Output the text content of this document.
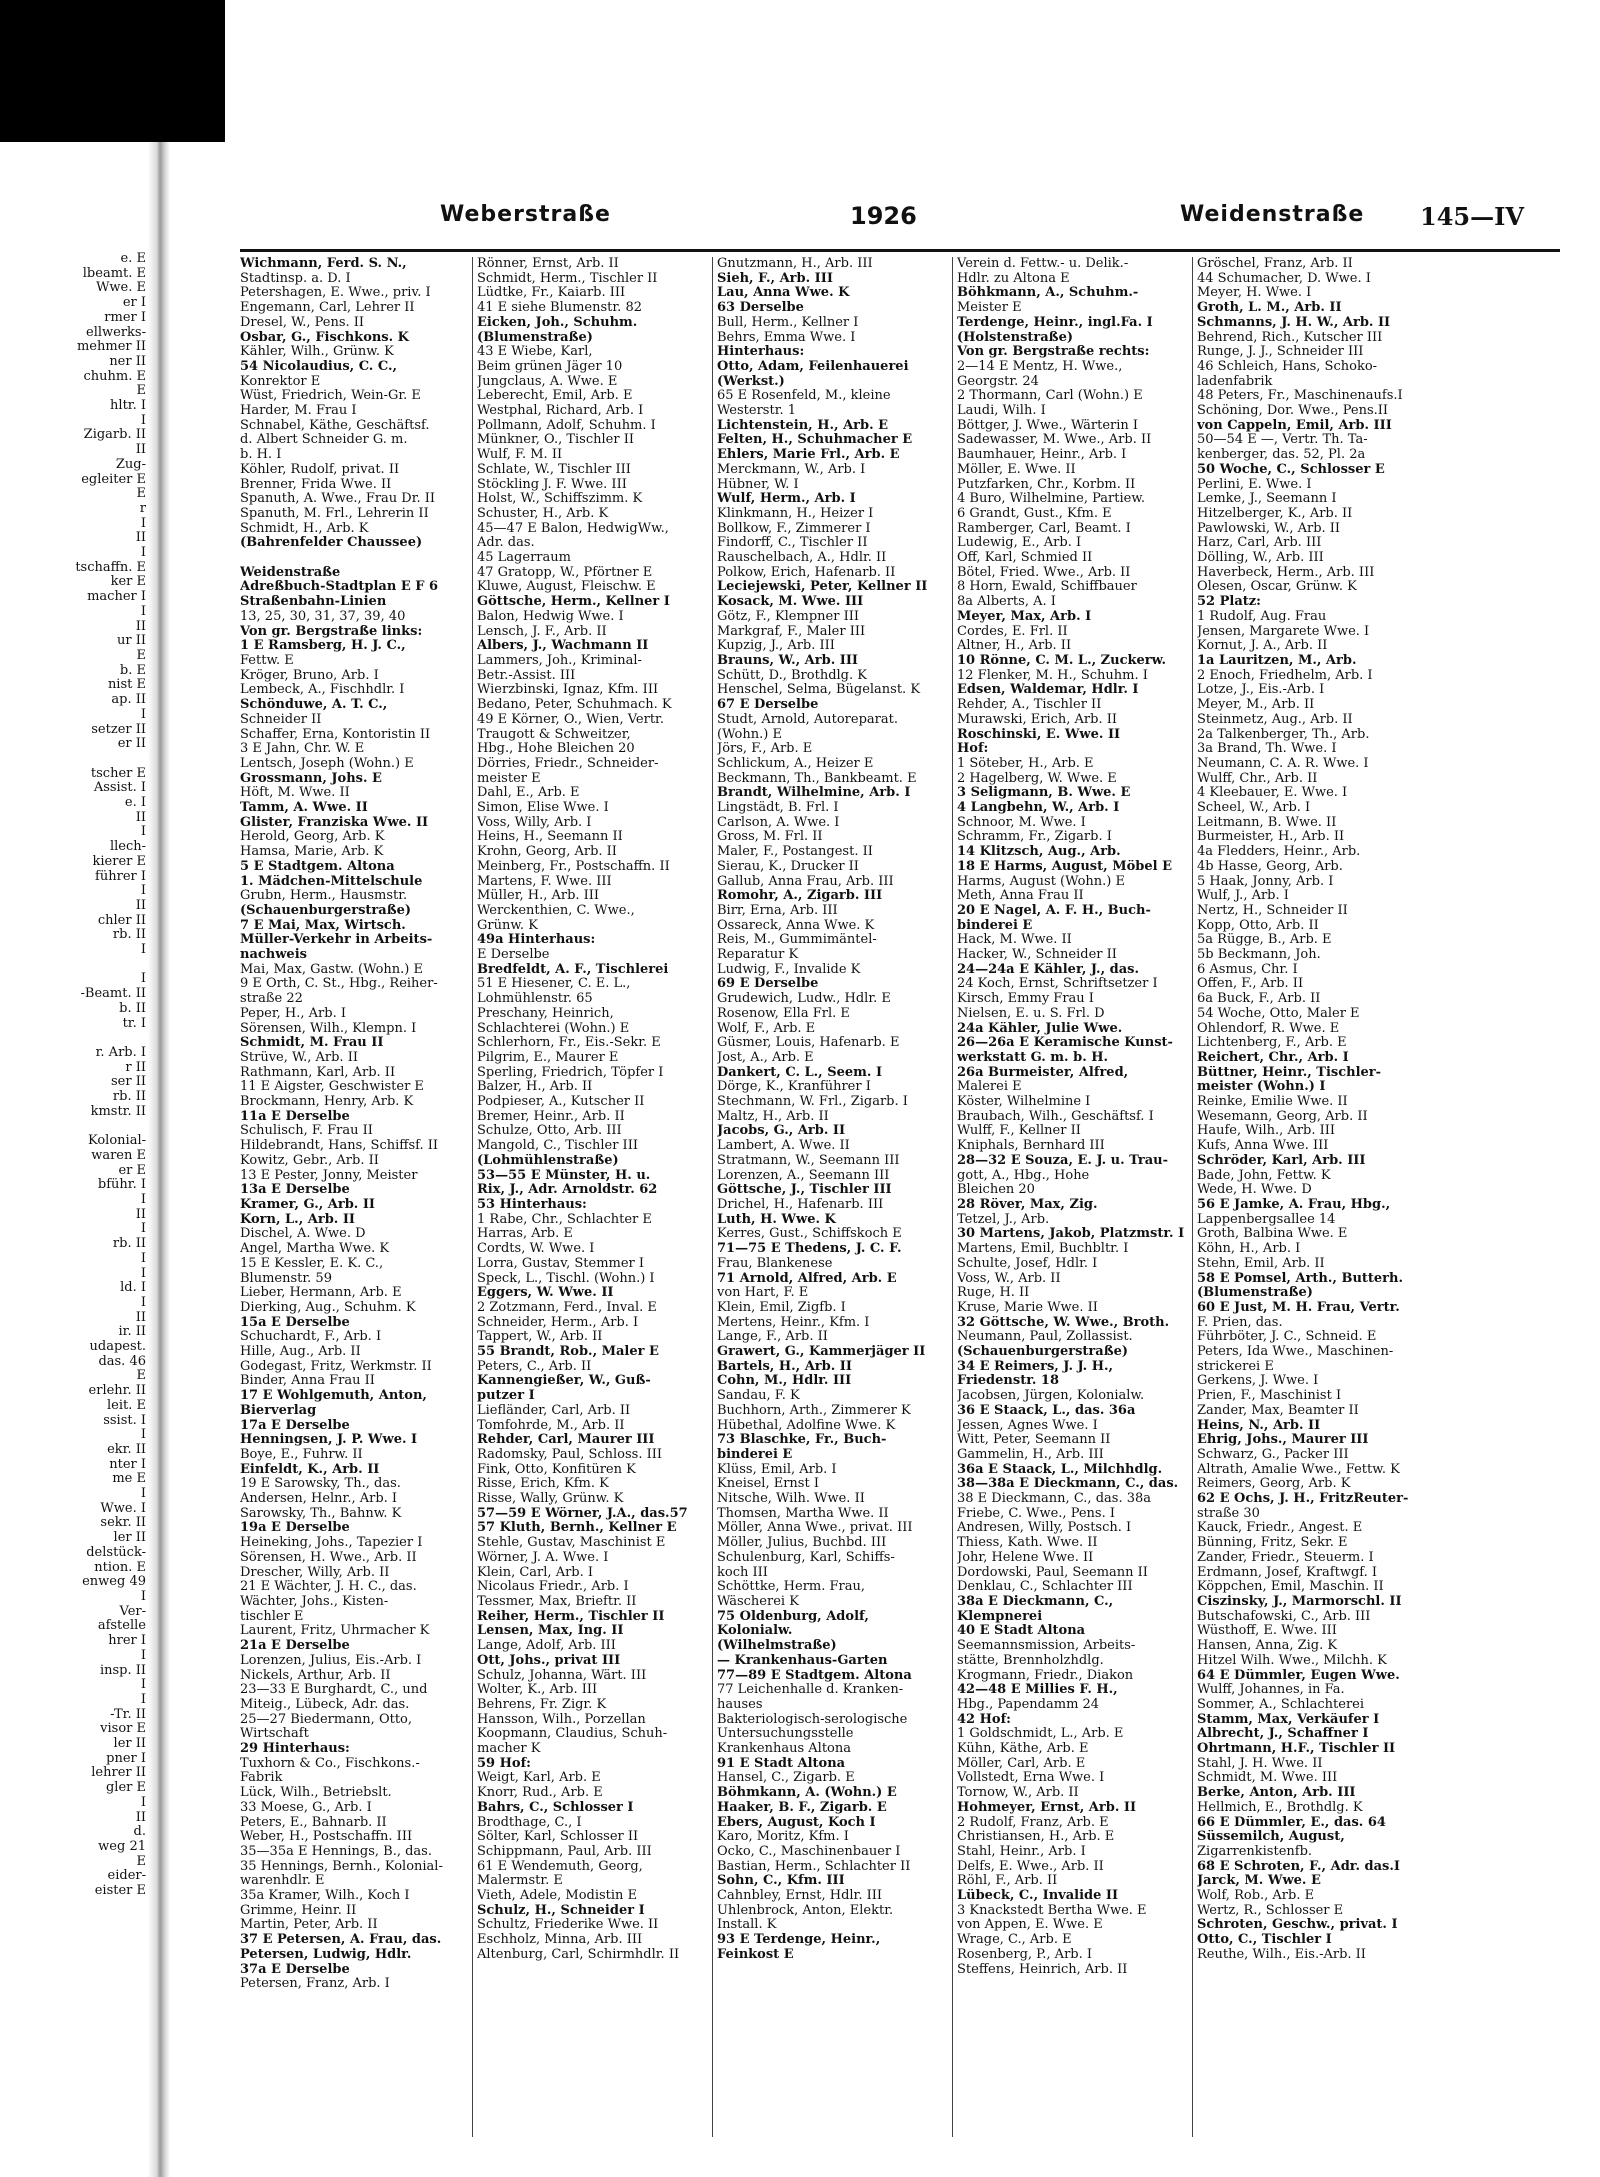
e. E
lbeamt. E
Wwe. E
er I
rmer I
ellwerks-
mehmer II
ner II
chuhm. E
E
hltr. I
I
Zigarb. II
II
Zug-
egleiter E
E
r
I
II
I
tschaffn. E
ker E
macher I
I
II
ur II
E
b. E
nist E
ap. II
I
setzer II
er II

tscher E
Assist. I
e. I
II
I
llech-
kierer E
führer I
I
II
chler II
rb. II
I

I
-Beamt. II
b. II
tr. I

r. Arb. I
r II
ser II
rb. II
kmstr. II

Kolonial-
waren E
er E
bführ. I
I
II
I
rb. II
I
I
ld. I
I
II
ir. II
udapest.
das. 46
E
erlehr. II
leit. E
ssist. I
I
ekr. II
nter I
me E
I
Wwe. I
sekr. II
ler II
delstück-
ntion. E
enweg 49
I
Ver-
afstelle
hrer I
I
insp. II
I
I
-Tr. II
visor E
ler II
pner I
lehrer II
gler E
I
II
d.
weg 21
E
eider-
eister E
Weberstraße	1926	Weidenstraße 145—IV
Wichmann, Ferd. S. N.,
Stadtinsp. a. D. I
Petershagen, E. Wwe., priv. I
Engemann, Carl, Lehrer II
Dresel, W., Pens. II
Osbar, G., Fischkons. K
Kähler, Wilh., Grünw. K
54 Nicolaudius, C. C.,
Konrektor E
Wüst, Friedrich, Wein-Gr. E
Harder, M. Frau I
Schnabel, Käthe, Geschäftsf.
d. Albert Schneider G. m.
b. H. I
Köhler, Rudolf, privat. II
Brenner, Frida Wwe. II
Spanuth, A. Wwe., Frau Dr. II
Spanuth, M. Frl., Lehrerin II
Schmidt, H., Arb. K
(Bahrenfelder Chaussee)

Weidenstraße
Adreßbuch-Stadtplan E F 6
Straßenbahn-Linien
13, 25, 30, 31, 37, 39, 40
Von gr. Bergstraße links:
1 E Ramsberg, H. J. C.,
Fettw. E
Kröger, Bruno, Arb. I
Lembeck, A., Fischhdlr. I
Schönduwe, A. T. C.,
Schneider II
Schaffer, Erna, Kontoristin II
3 E Jahn, Chr. W. E
Lentsch, Joseph (Wohn.) E
Grossmann, Johs. E
Höft, M. Wwe. II
Tamm, A. Wwe. II
Glister, Franziska Wwe. II
Herold, Georg, Arb. K
Hamsa, Marie, Arb. K
5 E Stadtgem. Altona
1. Mädchen-Mittelschule
Grubn, Herm., Hausmstr.
(Schauenburgerstraße)
7 E Mai, Max, Wirtsch.
Müller-Verkehr in Arbeits-
nachweis
Mai, Max, Gastw. (Wohn.) E
9 E Orth, C. St., Hbg., Reiher-
straße 22
Peper, H., Arb. I
Sörensen, Wilh., Klempn. I
Schmidt, M. Frau II
Strüve, W., Arb. II
Rathmann, Karl, Arb. II
11 E Aigster, Geschwister E
Brockmann, Henry, Arb. K
11a E Derselbe
Schulisch, F. Frau II
Hildebrandt, Hans, Schiffsf. II
Kowitz, Gebr., Arb. II
13 E Pester, Jonny, Meister
13a E Derselbe
Kramer, G., Arb. II
Korn, L., Arb. II
Dischel, A. Wwe. D
Angel, Martha Wwe. K
15 E Kessler, E. K. C.,
Blumenstr. 59
Lieber, Hermann, Arb. E
Dierking, Aug., Schuhm. K
15a E Derselbe
Schuchardt, F., Arb. I
Hille, Aug., Arb. II
Godegast, Fritz, Werkmstr. II
Binder, Anna Frau II
17 E Wohlgemuth, Anton,
Bierverlag
17a E Derselbe
Henningsen, J. P. Wwe. I
Boye, E., Fuhrw. II
Einfeldt, K., Arb. II
19 E Sarowsky, Th., das.
Andersen, Helnr., Arb. I
Sarowsky, Th., Bahnw. K
19a E Derselbe
Heineking, Johs., Tapezier I
Sörensen, H. Wwe., Arb. II
Drescher, Willy, Arb. II
21 E Wächter, J. H. C., das.
Wächter, Johs., Kisten-
tischler E
Laurent, Fritz, Uhrmacher K
21a E Derselbe
Lorenzen, Julius, Eis.-Arb. I
Nickels, Arthur, Arb. II
23—33 E Burghardt, C., und
Miteig., Lübeck, Adr. das.
25—27 Biedermann, Otto,
Wirtschaft
29 Hinterhaus:
Tuxhorn & Co., Fischkons.-
Fabrik
Lück, Wilh., Betriebslt.
33 Moese, G., Arb. I
Peters, E., Bahnarb. II
Weber, H., Postschaffn. III
35—35a E Hennings, B., das.
35 Hennings, Bernh., Kolonial-
warenhdlr. E
35a Kramer, Wilh., Koch I
Grimme, Heinr. II
Martin, Peter, Arb. II
37 E Petersen, A. Frau, das.
Petersen, Ludwig, Hdlr.
37a E Derselbe
Petersen, Franz, Arb. I
Rönner, Ernst, Arb. II
Schmidt, Herm., Tischler II
Lüdtke, Fr., Kaiarb. III
41 E siehe Blumenstr. 82
Eicken, Joh., Schuhm.
(Blumenstraße)
43 E Wiebe, Karl,
Beim grünen Jäger 10
Jungclaus, A. Wwe. E
Leberecht, Emil, Arb. E
Westphal, Richard, Arb. I
Pollmann, Adolf, Schuhm. I
Münkner, O., Tischler II
Wulf, F. M. II
Schlate, W., Tischler III
Stöckling J. F. Wwe. III
Holst, W., Schiffszimm. K
Schuster, H., Arb. K
45—47 E Balon, HedwigWw.,
Adr. das.
45 Lagerraum
47 Gratopp, W., Pförtner E
Kluwe, August, Fleischw. E
Göttsche, Herm., Kellner I
Balon, Hedwig Wwe. I
Lensch, J. F., Arb. II
Albers, J., Wachmann II
Lammers, Joh., Kriminal-
Betr.-Assist. III
Wierzbinski, Ignaz, Kfm. III
Bedano, Peter, Schuhmach. K
49 E Körner, O., Wien, Vertr.
Traugott & Schweitzer,
Hbg., Hohe Bleichen 20
Dörries, Friedr., Schneider-
meister E
Dahl, E., Arb. E
Simon, Elise Wwe. I
Voss, Willy, Arb. I
Heins, H., Seemann II
Krohn, Georg, Arb. II
Meinberg, Fr., Postschaffn. II
Martens, F. Wwe. III
Müller, H., Arb. III
Werckenthien, C. Wwe.,
Grünw. K
49a Hinterhaus:
E Derselbe
Bredfeldt, A. F., Tischlerei
51 E Hiesener, C. E. L.,
Lohmühlenstr. 65
Preschany, Heinrich,
Schlachterei (Wohn.) E
Schlerhorn, Fr., Eis.-Sekr. E
Pilgrim, E., Maurer E
Sperling, Friedrich, Töpfer I
Balzer, H., Arb. II
Podpieser, A., Kutscher II
Bremer, Heinr., Arb. II
Schulze, Otto, Arb. III
Mangold, C., Tischler III
(Lohmühlenstraße)
53—55 E Münster, H. u.
Rix, J., Adr. Arnoldstr. 62
53 Hinterhaus:
1 Rabe, Chr., Schlachter E
Harras, Arb. E
Cordts, W. Wwe. I
Lorra, Gustav, Stemmer I
Speck, L., Tischl. (Wohn.) I
Eggers, W. Wwe. II
2 Zotzmann, Ferd., Inval. E
Schneider, Herm., Arb. I
Tappert, W., Arb. II
55 Brandt, Rob., Maler E
Peters, C., Arb. II
Kannengießer, W., Guß-
putzer I
Liefländer, Carl, Arb. II
Tomfohrde, M., Arb. II
Rehder, Carl, Maurer III
Radomsky, Paul, Schloss. III
Fink, Otto, Konfitüren K
Risse, Erich, Kfm. K
Risse, Wally, Grünw. K
57—59 E Wörner, J.A., das.57
57 Kluth, Bernh., Kellner E
Stehle, Gustav, Maschinist E
Wörner, J. A. Wwe. I
Klein, Carl, Arb. I
Nicolaus Friedr., Arb. I
Tessmer, Max, Brieftr. II
Reiher, Herm., Tischler II
Lensen, Max, Ing. II
Lange, Adolf, Arb. III
Ott, Johs., privat III
Schulz, Johanna, Wärt. III
Wolter, K., Arb. III
Behrens, Fr. Zigr. K
Hansson, Wilh., Porzellan
Koopmann, Claudius, Schuh-
macher K
59 Hof:
Weigt, Karl, Arb. E
Knorr, Rud., Arb. E
Bahrs, C., Schlosser I
Brodthage, C., I
Sölter, Karl, Schlosser II
Schippmann, Paul, Arb. III
61 E Wendemuth, Georg,
Malermstr. E
Vieth, Adele, Modistin E
Schulz, H., Schneider I
Schultz, Friederike Wwe. II
Eschholz, Minna, Arb. III
Altenburg, Carl, Schirmhdlr. II
Gnutzmann, H., Arb. III
Sieh, F., Arb. III
Lau, Anna Wwe. K
63 Derselbe
Bull, Herm., Kellner I
Behrs, Emma Wwe. I
Hinterhaus:
Otto, Adam, Feilenhauerei
(Werkst.)
65 E Rosenfeld, M., kleine
Westerstr. 1
Lichtenstein, H., Arb. E
Felten, H., Schuhmacher E
Ehlers, Marie Frl., Arb. E
Merckmann, W., Arb. I
Hübner, W. I
Wulf, Herm., Arb. I
Klinkmann, H., Heizer I
Bollkow, F., Zimmerer I
Findorff, C., Tischler II
Rauschelbach, A., Hdlr. II
Polkow, Erich, Hafenarb. II
Leciejewski, Peter, Kellner II
Kosack, M. Wwe. III
Götz, F., Klempner III
Markgraf, F., Maler III
Kupzig, J., Arb. III
Brauns, W., Arb. III
Schütt, D., Brothdlg. K
Henschel, Selma, Bügelanst. K
67 E Derselbe
Studt, Arnold, Autoreparat.
(Wohn.) E
Jörs, F., Arb. E
Schlickum, A., Heizer E
Beckmann, Th., Bankbeamt. E
Brandt, Wilhelmine, Arb. I
Lingstädt, B. Frl. I
Carlson, A. Wwe. I
Gross, M. Frl. II
Maler, F., Postangest. II
Sierau, K., Drucker II
Gallub, Anna Frau, Arb. III
Romohr, A., Zigarb. III
Birr, Erna, Arb. III
Ossareck, Anna Wwe. K
Reis, M., Gummimäntel-
Reparatur K
Ludwig, F., Invalide K
69 E Derselbe
Grudewich, Ludw., Hdlr. E
Rosenow, Ella Frl. E
Wolf, F., Arb. E
Güsmer, Louis, Hafenarb. E
Jost, A., Arb. E
Dankert, C. L., Seem. I
Dörge, K., Kranführer I
Stechmann, W. Frl., Zigarb. I
Maltz, H., Arb. II
Jacobs, G., Arb. II
Lambert, A. Wwe. II
Stratmann, W., Seemann III
Lorenzen, A., Seemann III
Göttsche, J., Tischler III
Drichel, H., Hafenarb. III
Luth, H. Wwe. K
Kerres, Gust., Schiffskoch E
71—75 E Thedens, J. C. F.
Frau, Blankenese
71 Arnold, Alfred, Arb. E
von Hart, F. E
Klein, Emil, Zigfb. I
Mertens, Heinr., Kfm. I
Lange, F., Arb. II
Grawert, G., Kammerjäger II
Bartels, H., Arb. II
Cohn, M., Hdlr. III
Sandau, F. K
Buchhorn, Arth., Zimmerer K
Hübethal, Adolfine Wwe. K
73 Blaschke, Fr., Buch-
binderei E
Klüss, Emil, Arb. I
Kneisel, Ernst I
Nitsche, Wilh. Wwe. II
Thomsen, Martha Wwe. II
Möller, Anna Wwe., privat. III
Möller, Julius, Buchbd. III
Schulenburg, Karl, Schiffs-
koch III
Schöttke, Herm. Frau,
Wäscherei K
75 Oldenburg, Adolf,
Kolonialw.
(Wilhelmstraße)
— Krankenhaus-Garten
77—89 E Stadtgem. Altona
77 Leichenhalle d. Kranken-
hauses
Bakteriologisch-serologische
Untersuchungsstelle
Krankenhaus Altona
91 E Stadt Altona
Hansel, C., Zigarb. E
Böhmkann, A. (Wohn.) E
Haaker, B. F., Zigarb. E
Ebers, August, Koch I
Karo, Moritz, Kfm. I
Ocko, C., Maschinenbauer I
Bastian, Herm., Schlachter II
Sohn, C., Kfm. III
Cahnbley, Ernst, Hdlr. III
Uhlenbrock, Anton, Elektr.
Install. K
93 E Terdenge, Heinr.,
Feinkost E
Verein d. Fettw.- u. Delik.-
Hdlr. zu Altona E
Böhkmann, A., Schuhm.-
Meister E
Terdenge, Heinr., ingl.Fa. I
(Holstenstraße)
Von gr. Bergstraße rechts:
2—14 E Mentz, H. Wwe.,
Georgstr. 24
2 Thormann, Carl (Wohn.) E
Laudi, Wilh. I
Böttger, J. Wwe., Wärterin I
Sadewasser, M. Wwe., Arb. II
Baumhauer, Heinr., Arb. I
Möller, E. Wwe. II
Putzfarken, Chr., Korbm. II
4 Buro, Wilhelmine, Partiew.
6 Grandt, Gust., Kfm. E
Ramberger, Carl, Beamt. I
Ludewig, E., Arb. I
Off, Karl, Schmied II
Bötel, Fried. Wwe., Arb. II
8 Horn, Ewald, Schiffbauer
8a Alberts, A. I
Meyer, Max, Arb. I
Cordes, E. Frl. II
Altner, H., Arb. II
10 Rönne, C. M. L., Zuckerw.
12 Flenker, M. H., Schuhm. I
Edsen, Waldemar, Hdlr. I
Rehder, A., Tischler II
Murawski, Erich, Arb. II
Roschinski, E. Wwe. II
Hof:
1 Söteber, H., Arb. E
2 Hagelberg, W. Wwe. E
3 Seligmann, B. Wwe. E
4 Langbehn, W., Arb. I
Schnoor, M. Wwe. I
Schramm, Fr., Zigarb. I
14 Klitzsch, Aug., Arb.
18 E Harms, August, Möbel E
Harms, August (Wohn.) E
Meth, Anna Frau II
20 E Nagel, A. F. H., Buch-
binderei E
Hack, M. Wwe. II
Hacker, W., Schneider II
24—24a E Kähler, J., das.
24 Koch, Ernst, Schriftsetzer I
Kirsch, Emmy Frau I
Nielsen, E. u. S. Frl. D
24a Kähler, Julie Wwe.
26—26a E Keramische Kunst-
werkstatt G. m. b. H.
26a Burmeister, Alfred,
Malerei E
Köster, Wilhelmine I
Braubach, Wilh., Geschäftsf. I
Wulff, F., Kellner II
Kniphals, Bernhard III
28—32 E Souza, E. J. u. Trau-
gott, A., Hbg., Hohe
Bleichen 20
28 Röver, Max, Zig.
Tetzel, J., Arb.
30 Martens, Jakob, Platzmstr. I
Martens, Emil, Buchbltr. I
Schulte, Josef, Hdlr. I
Voss, W., Arb. II
Ruge, H. II
Kruse, Marie Wwe. II
32 Göttsche, W. Wwe., Broth.
Neumann, Paul, Zollassist.
(Schauenburgerstraße)
34 E Reimers, J. J. H.,
Friedenstr. 18
Jacobsen, Jürgen, Kolonialw.
36 E Staack, L., das. 36a
Jessen, Agnes Wwe. I
Witt, Peter, Seemann II
Gammelin, H., Arb. III
36a E Staack, L., Milchhdlg.
38—38a E Dieckmann, C., das.
38 E Dieckmann, C., das. 38a
Friebe, C. Wwe., Pens. I
Andresen, Willy, Postsch. I
Thiess, Kath. Wwe. II
Johr, Helene Wwe. II
Dordowski, Paul, Seemann II
Denklau, C., Schlachter III
38a E Dieckmann, C.,
Klempnerei
40 E Stadt Altona
Seemannsmission, Arbeits-
stätte, Brennholzhdlg.
Krogmann, Friedr., Diakon
42—48 E Millies F. H.,
Hbg., Papendamm 24
42 Hof:
1 Goldschmidt, L., Arb. E
Kühn, Käthe, Arb. E
Möller, Carl, Arb. E
Vollstedt, Erna Wwe. I
Tornow, W., Arb. II
Hohmeyer, Ernst, Arb. II
2 Rudolf, Franz, Arb. E
Christiansen, H., Arb. E
Stahl, Heinr., Arb. I
Delfs, E. Wwe., Arb. II
Röhl, F., Arb. II
Lübeck, C., Invalide II
3 Knackstedt Bertha Wwe. E
von Appen, E. Wwe. E
Wrage, C., Arb. E
Rosenberg, P., Arb. I
Steffens, Heinrich, Arb. II
Gröschel, Franz, Arb. II
44 Schumacher, D. Wwe. I
Meyer, H. Wwe. I
Groth, L. M., Arb. II
Schmanns, J. H. W., Arb. II
Behrend, Rich., Kutscher III
Runge, J. J., Schneider III
46 Schleich, Hans, Schoko-
ladenfabrik
48 Peters, Fr., Maschinenaufs.I
Schöning, Dor. Wwe., Pens.II
von Cappeln, Emil, Arb. III
50—54 E —, Vertr. Th. Ta-
kenberger, das. 52, Pl. 2a
50 Woche, C., Schlosser E
Perlini, E. Wwe. I
Lemke, J., Seemann I
Hitzelberger, K., Arb. II
Pawlowski, W., Arb. II
Harz, Carl, Arb. III
Dölling, W., Arb. III
Haverbeck, Herm., Arb. III
Olesen, Oscar, Grünw. K
52 Platz:
1 Rudolf, Aug. Frau
Jensen, Margarete Wwe. I
Kornut, J. A., Arb. II
1a Lauritzen, M., Arb.
2 Enoch, Friedhelm, Arb. I
Lotze, J., Eis.-Arb. I
Meyer, M., Arb. II
Steinmetz, Aug., Arb. II
2a Talkenberger, Th., Arb.
3a Brand, Th. Wwe. I
Neumann, C. A. R. Wwe. I
Wulff, Chr., Arb. II
4 Kleebauer, E. Wwe. I
Scheel, W., Arb. I
Leitmann, B. Wwe. II
Burmeister, H., Arb. II
4a Fledders, Heinr., Arb.
4b Hasse, Georg, Arb.
5 Haak, Jonny, Arb. I
Wulf, J., Arb. I
Nertz, H., Schneider II
Kopp, Otto, Arb. II
5a Rügge, B., Arb. E
5b Beckmann, Joh.
6 Asmus, Chr. I
Offen, F., Arb. II
6a Buck, F., Arb. II
54 Woche, Otto, Maler E
Ohlendorf, R. Wwe. E
Lichtenberg, F., Arb. E
Reichert, Chr., Arb. I
Büttner, Heinr., Tischler-
meister (Wohn.) I
Reinke, Emilie Wwe. II
Wesemann, Georg, Arb. II
Haufe, Wilh., Arb. III
Kufs, Anna Wwe. III
Schröder, Karl, Arb. III
Bade, John, Fettw. K
Wede, H. Wwe. D
56 E Jamke, A. Frau, Hbg.,
Lappenbergsallee 14
Groth, Balbina Wwe. E
Köhn, H., Arb. I
Stehn, Emil, Arb. II
58 E Pomsel, Arth., Butterh.
(Blumenstraße)
60 E Just, M. H. Frau, Vertr.
F. Prien, das.
Führböter, J. C., Schneid. E
Peters, Ida Wwe., Maschinen-
strickerei E
Gerkens, J. Wwe. I
Prien, F., Maschinist I
Zander, Max, Beamter II
Heins, N., Arb. II
Ehrig, Johs., Maurer III
Schwarz, G., Packer III
Altrath, Amalie Wwe., Fettw. K
Reimers, Georg, Arb. K
62 E Ochs, J. H., FritzReuter-
straße 30
Kauck, Friedr., Angest. E
Bünning, Fritz, Sekr. E
Zander, Friedr., Steuerm. I
Erdmann, Josef, Kraftwgf. I
Köppchen, Emil, Maschin. II
Ciszinsky, J., Marmorschl. II
Butschafowski, C., Arb. III
Wüsthoff, E. Wwe. III
Hansen, Anna, Zig. K
Hitzel Wilh. Wwe., Milchh. K
64 E Dümmler, Eugen Wwe.
Wulff, Johannes, in Fa.
Sommer, A., Schlachterei
Stamm, Max, Verkäufer I
Albrecht, J., Schaffner I
Ohrtmann, H.F., Tischler II
Stahl, J. H. Wwe. II
Schmidt, M. Wwe. III
Berke, Anton, Arb. III
Hellmich, E., Brothdlg. K
66 E Dümmler, E., das. 64
Süssemilch, August,
Zigarrenkistenfb.
68 E Schroten, F., Adr. das.I
Jarck, M. Wwe. E
Wolf, Rob., Arb. E
Wertz, R., Schlosser E
Schroten, Geschw., privat. I
Otto, C., Tischler I
Reuthe, Wilh., Eis.-Arb. II
